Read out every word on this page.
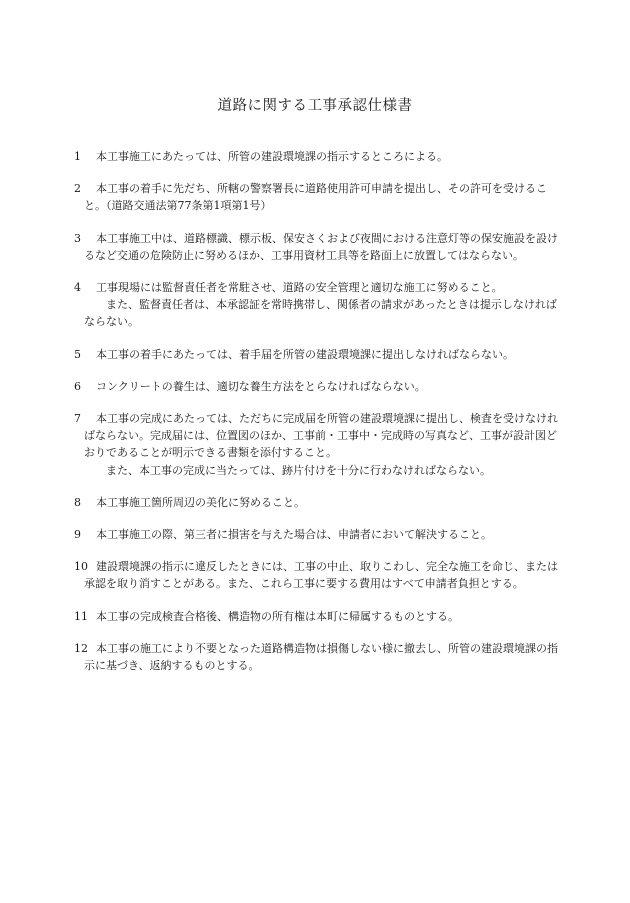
道路に関する工事承認仕様書
1	本工事施工にあたっては、所管の建設環境課の指示するところによる。
2	本工事の着手に先だち、所轄の警察署長に道路使用許可申請を提出し、その許可を受けること。（道路交通法第77条第1項第1号）
3	本工事施工中は、道路標識、標示板、保安さくおよび夜間における注意灯等の保安施設を設けるなど交通の危険防止に努めるほか、工事用資材工具等を路面上に放置してはならない。
4	工事現場には監督責任者を常駐させ、道路の安全管理と適切な施工に努めること。
また、監督責任者は、本承認証を常時携帯し、関係者の請求があったときは提示しなければならない。
5	本工事の着手にあたっては、着手届を所管の建設環境課に提出しなければならない。
6	コンクリートの養生は、適切な養生方法をとらなければならない。
7	本工事の完成にあたっては、ただちに完成届を所管の建設環境課に提出し、検査を受けなければならない。完成届には、位置図のほか、工事前・工事中・完成時の写真など、工事が設計図どおりであることが明示できる書類を添付すること。
また、本工事の完成に当たっては、跡片付けを十分に行わなければならない。
8	本工事施工箇所周辺の美化に努めること。
9	本工事施工の際、第三者に損害を与えた場合は、申請者において解決すること。
10 建設環境課の指示に違反したときには、工事の中止、取りこわし、完全な施工を命じ、または承認を取り消すことがある。また、これら工事に要する費用はすべて申請者負担とする。
11 本工事の完成検査合格後、構造物の所有権は本町に帰属するものとする。
12 本工事の施工により不要となった道路構造物は損傷しない様に撤去し、所管の建設環境課の指示に基づき、返納するものとする。
